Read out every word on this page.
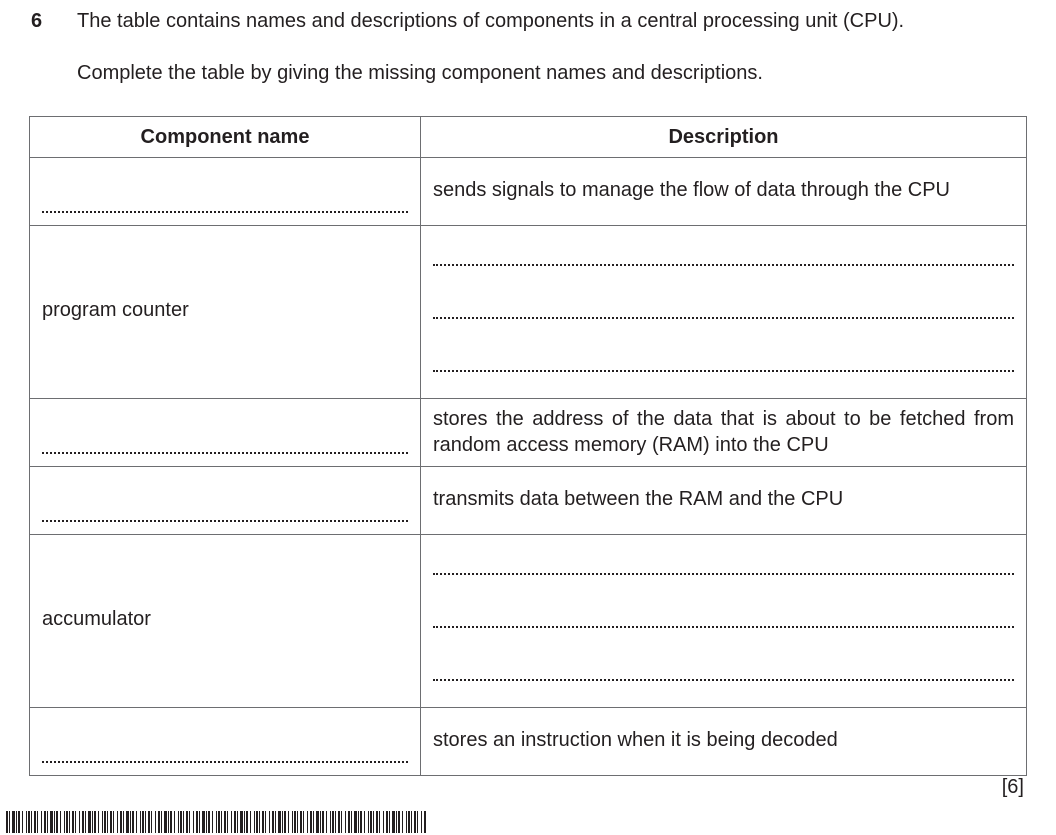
6 The table contains names and descriptions of components in a central processing unit (CPU).
Complete the table by giving the missing component names and descriptions.
Component name	Description

	sends signals to manage the flow of data through the CPU

program counter	

	stores the address of the data that is about to be fetched from random access memory (RAM) into the CPU

	transmits data between the RAM and the CPU

accumulator	

	stores an instruction when it is being decoded
[6]
